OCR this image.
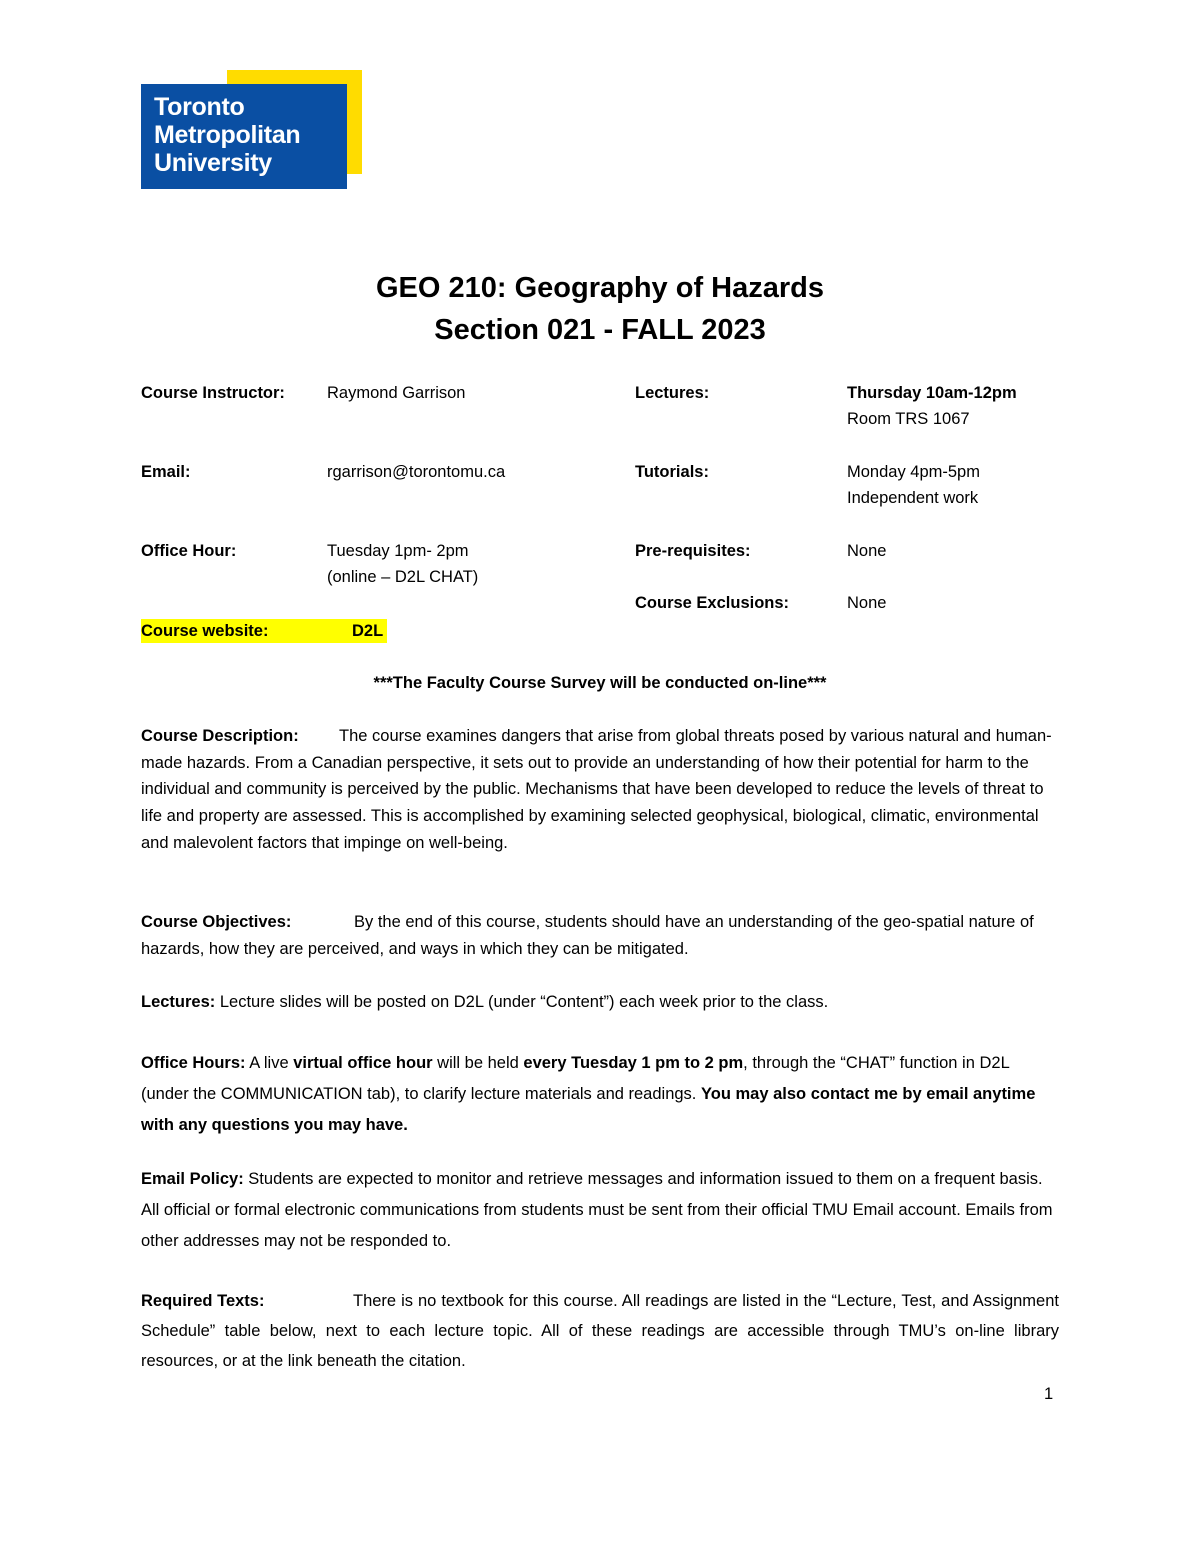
Toronto
Metropolitan
University
GEO 210: Geography of Hazards
Section 021 - FALL 2023
Course Instructor:	Raymond Garrison
Email:	rgarrison@torontomu.ca
Office Hour:	Tuesday 1pm- 2pm
(online – D2L CHAT)
Course website:	D2L
Lectures:	Thursday 10am-12pm
Room TRS 1067
Tutorials:	Monday 4pm-5pm
Independent work
Pre-requisites:	None
Course Exclusions:	None
***The Faculty Course Survey will be conducted on-line***
Course Description: The course examines dangers that arise from global threats posed by various natural and human-made hazards. From a Canadian perspective, it sets out to provide an understanding of how their potential for harm to the individual and community is perceived by the public. Mechanisms that have been developed to reduce the levels of threat to life and property are assessed. This is accomplished by examining selected geophysical, biological, climatic, environmental and malevolent factors that impinge on well-being.
Course Objectives:	By the end of this course, students should have an understanding of the geo-spatial nature of hazards, how they are perceived, and ways in which they can be mitigated.
Lectures: Lecture slides will be posted on D2L (under “Content”) each week prior to the class.
Office Hours: A live virtual office hour will be held every Tuesday 1 pm to 2 pm, through the “CHAT” function in D2L (under the COMMUNICATION tab), to clarify lecture materials and readings. You may also contact me by email anytime with any questions you may have.
Email Policy: Students are expected to monitor and retrieve messages and information issued to them on a frequent basis. All official or formal electronic communications from students must be sent from their official TMU Email account. Emails from other addresses may not be responded to.
Required Texts:	There is no textbook for this course. All readings are listed in the “Lecture, Test, and Assignment Schedule” table below, next to each lecture topic. All of these readings are accessible through TMU’s on-line library resources, or at the link beneath the citation.
1
